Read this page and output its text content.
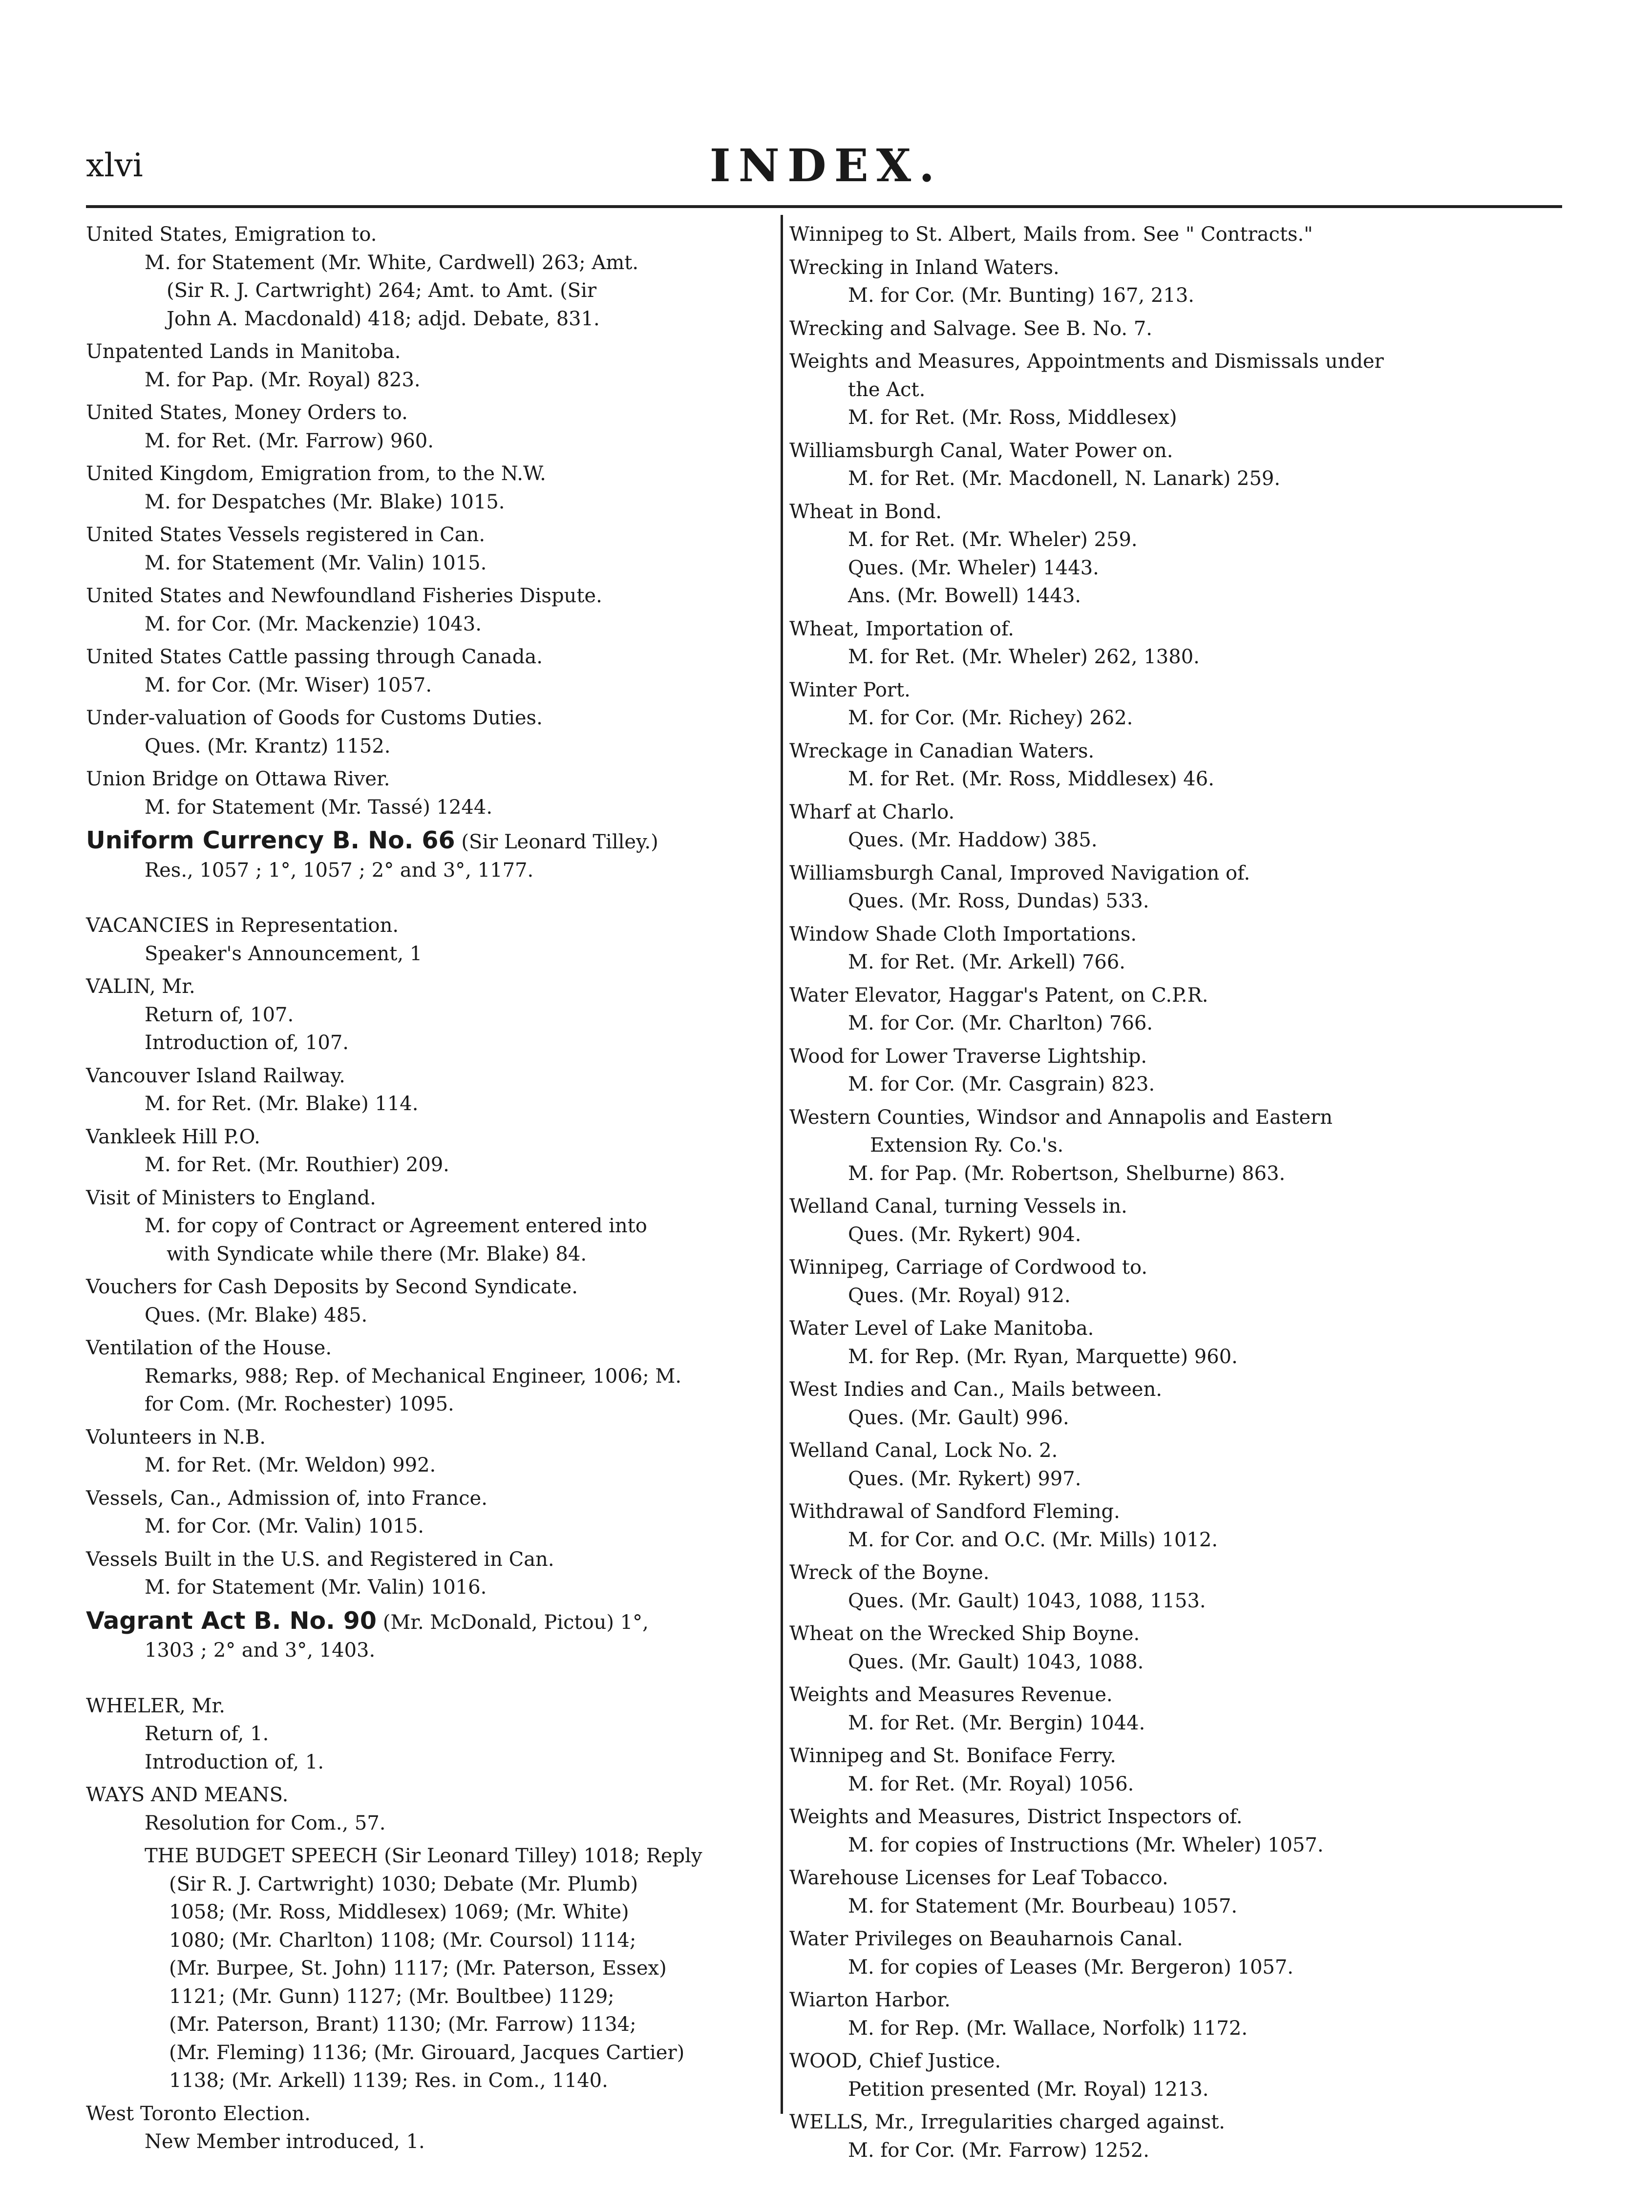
xlvi	INDEX.
United States, Emigration to.
M. for Statement (Mr. White, Cardwell) 263; Amt.
(Sir R. J. Cartwright) 264; Amt. to Amt. (Sir
John A. Macdonald) 418; adjd. Debate, 831.
Unpatented Lands in Manitoba.
M. for Pap. (Mr. Royal) 823.
United States, Money Orders to.
M. for Ret. (Mr. Farrow) 960.
United Kingdom, Emigration from, to the N.W.
M. for Despatches (Mr. Blake) 1015.
United States Vessels registered in Can.
M. for Statement (Mr. Valin) 1015.
United States and Newfoundland Fisheries Dispute.
M. for Cor. (Mr. Mackenzie) 1043.
United States Cattle passing through Canada.
M. for Cor. (Mr. Wiser) 1057.
Under-valuation of Goods for Customs Duties.
Ques. (Mr. Krantz) 1152.
Union Bridge on Ottawa River.
M. for Statement (Mr. Tassé) 1244.
Uniform Currency B. No. 66 (Sir Leonard Tilley.)
Res., 1057 ; 1°, 1057 ; 2° and 3°, 1177.
VACANCIES in Representation.
Speaker's Announcement, 1
VALIN, Mr.
Return of, 107.
Introduction of, 107.
Vancouver Island Railway.
M. for Ret. (Mr. Blake) 114.
Vankleek Hill P.O.
M. for Ret. (Mr. Routhier) 209.
Visit of Ministers to England.
M. for copy of Contract or Agreement entered into
with Syndicate while there (Mr. Blake) 84.
Vouchers for Cash Deposits by Second Syndicate.
Ques. (Mr. Blake) 485.
Ventilation of the House.
Remarks, 988; Rep. of Mechanical Engineer, 1006; M.
for Com. (Mr. Rochester) 1095.
Volunteers in N.B.
M. for Ret. (Mr. Weldon) 992.
Vessels, Can., Admission of, into France.
M. for Cor. (Mr. Valin) 1015.
Vessels Built in the U.S. and Registered in Can.
M. for Statement (Mr. Valin) 1016.
Vagrant Act B. No. 90 (Mr. McDonald, Pictou) 1°,
1303 ; 2° and 3°, 1403.
WHELER, Mr.
Return of, 1.
Introduction of, 1.
WAYS AND MEANS.
Resolution for Com., 57.
THE BUDGET SPEECH (Sir Leonard Tilley) 1018; Reply
(Sir R. J. Cartwright) 1030; Debate (Mr. Plumb)
1058; (Mr. Ross, Middlesex) 1069; (Mr. White)
1080; (Mr. Charlton) 1108; (Mr. Coursol) 1114;
(Mr. Burpee, St. John) 1117; (Mr. Paterson, Essex)
1121; (Mr. Gunn) 1127; (Mr. Boultbee) 1129;
(Mr. Paterson, Brant) 1130; (Mr. Farrow) 1134;
(Mr. Fleming) 1136; (Mr. Girouard, Jacques Cartier)
1138; (Mr. Arkell) 1139; Res. in Com., 1140.
West Toronto Election.
New Member introduced, 1.
Winnipeg to St. Albert, Mails from. See " Contracts."
Wrecking in Inland Waters.
M. for Cor. (Mr. Bunting) 167, 213.
Wrecking and Salvage. See B. No. 7.
Weights and Measures, Appointments and Dismissals under
the Act.
M. for Ret. (Mr. Ross, Middlesex)
Williamsburgh Canal, Water Power on.
M. for Ret. (Mr. Macdonell, N. Lanark) 259.
Wheat in Bond.
M. for Ret. (Mr. Wheler) 259.
Ques. (Mr. Wheler) 1443.
Ans. (Mr. Bowell) 1443.
Wheat, Importation of.
M. for Ret. (Mr. Wheler) 262, 1380.
Winter Port.
M. for Cor. (Mr. Richey) 262.
Wreckage in Canadian Waters.
M. for Ret. (Mr. Ross, Middlesex) 46.
Wharf at Charlo.
Ques. (Mr. Haddow) 385.
Williamsburgh Canal, Improved Navigation of.
Ques. (Mr. Ross, Dundas) 533.
Window Shade Cloth Importations.
M. for Ret. (Mr. Arkell) 766.
Water Elevator, Haggar's Patent, on C.P.R.
M. for Cor. (Mr. Charlton) 766.
Wood for Lower Traverse Lightship.
M. for Cor. (Mr. Casgrain) 823.
Western Counties, Windsor and Annapolis and Eastern
Extension Ry. Co.'s.
M. for Pap. (Mr. Robertson, Shelburne) 863.
Welland Canal, turning Vessels in.
Ques. (Mr. Rykert) 904.
Winnipeg, Carriage of Cordwood to.
Ques. (Mr. Royal) 912.
Water Level of Lake Manitoba.
M. for Rep. (Mr. Ryan, Marquette) 960.
West Indies and Can., Mails between.
Ques. (Mr. Gault) 996.
Welland Canal, Lock No. 2.
Ques. (Mr. Rykert) 997.
Withdrawal of Sandford Fleming.
M. for Cor. and O.C. (Mr. Mills) 1012.
Wreck of the Boyne.
Ques. (Mr. Gault) 1043, 1088, 1153.
Wheat on the Wrecked Ship Boyne.
Ques. (Mr. Gault) 1043, 1088.
Weights and Measures Revenue.
M. for Ret. (Mr. Bergin) 1044.
Winnipeg and St. Boniface Ferry.
M. for Ret. (Mr. Royal) 1056.
Weights and Measures, District Inspectors of.
M. for copies of Instructions (Mr. Wheler) 1057.
Warehouse Licenses for Leaf Tobacco.
M. for Statement (Mr. Bourbeau) 1057.
Water Privileges on Beauharnois Canal.
M. for copies of Leases (Mr. Bergeron) 1057.
Wiarton Harbor.
M. for Rep. (Mr. Wallace, Norfolk) 1172.
WOOD, Chief Justice.
Petition presented (Mr. Royal) 1213.
WELLS, Mr., Irregularities charged against.
M. for Cor. (Mr. Farrow) 1252.
